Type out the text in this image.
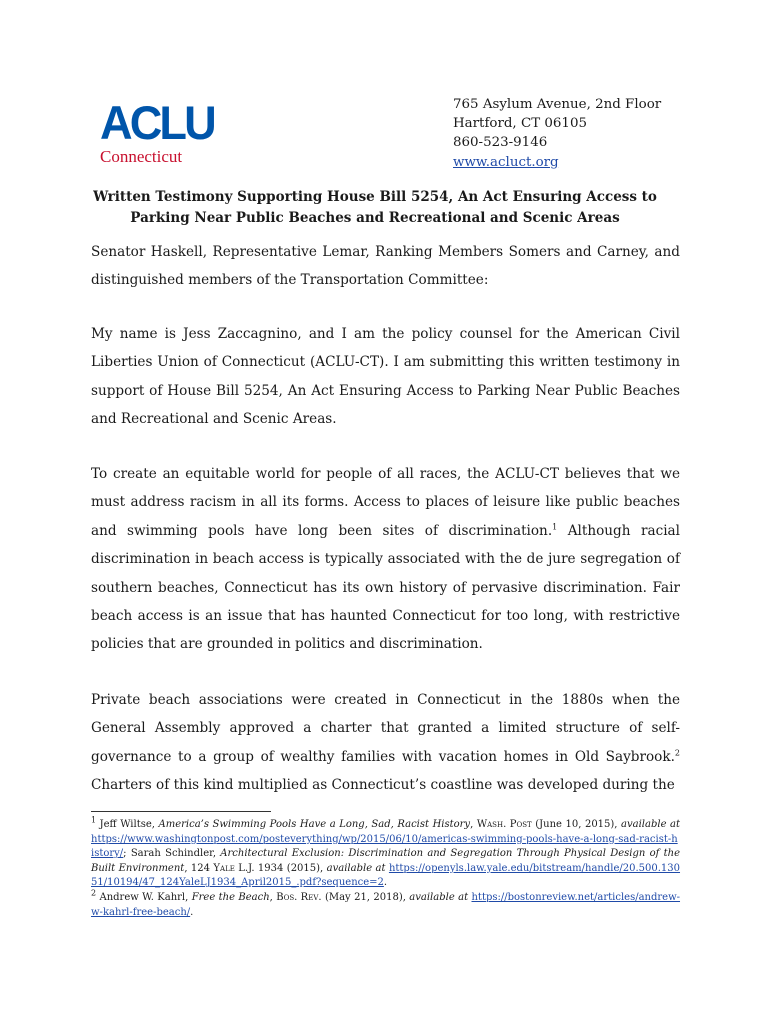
ACLU
Connecticut
765 Asylum Avenue, 2nd Floor
Hartford, CT 06105
860-523-9146
www.acluct.org
Written Testimony Supporting House Bill 5254, An Act Ensuring Access to
Parking Near Public Beaches and Recreational and Scenic Areas

Senator Haskell, Representative Lemar, Ranking Members Somers and Carney, and distinguished members of the Transportation Committee:

My name is Jess Zaccagnino, and I am the policy counsel for the American Civil Liberties Union of Connecticut (ACLU-CT). I am submitting this written testimony in support of House Bill 5254, An Act Ensuring Access to Parking Near Public Beaches and Recreational and Scenic Areas.

To create an equitable world for people of all races, the ACLU-CT believes that we must address racism in all its forms. Access to places of leisure like public beaches and swimming pools have long been sites of discrimination.$^1$ Although racial discrimination in beach access is typically associated with the de jure segregation of southern beaches, Connecticut has its own history of pervasive discrimination. Fair beach access is an issue that has haunted Connecticut for too long, with restrictive policies that are grounded in politics and discrimination.

Private beach associations were created in Connecticut in the 1880s when the General Assembly approved a charter that granted a limited structure of self-governance to a group of wealthy families with vacation homes in Old Saybrook.$^2$ Charters of this kind multiplied as Connecticut’s coastline was developed during the

$^1$ Jeff Wiltse, America’s Swimming Pools Have a Long, Sad, Racist History, Wash. Post (June 10, 2015), available at https://www.washingtonpost.com/posteverything/wp/2015/06/10/americas-swimming-pools-have-a-long-sad-racist-history/; Sarah Schindler, Architectural Exclusion: Discrimination and Segregation Through Physical Design of the Built Environment, 124 Yale L.J. 1934 (2015), available at https://openyls.law.yale.edu/bitstream/handle/20.500.13051/10194/47_124YaleLJ1934_April2015_.pdf?sequence=2.

$^2$ Andrew W. Kahrl, Free the Beach, Bos. Rev. (May 21, 2018), available at https://bostonreview.net/articles/andrew-w-kahrl-free-beach/.
